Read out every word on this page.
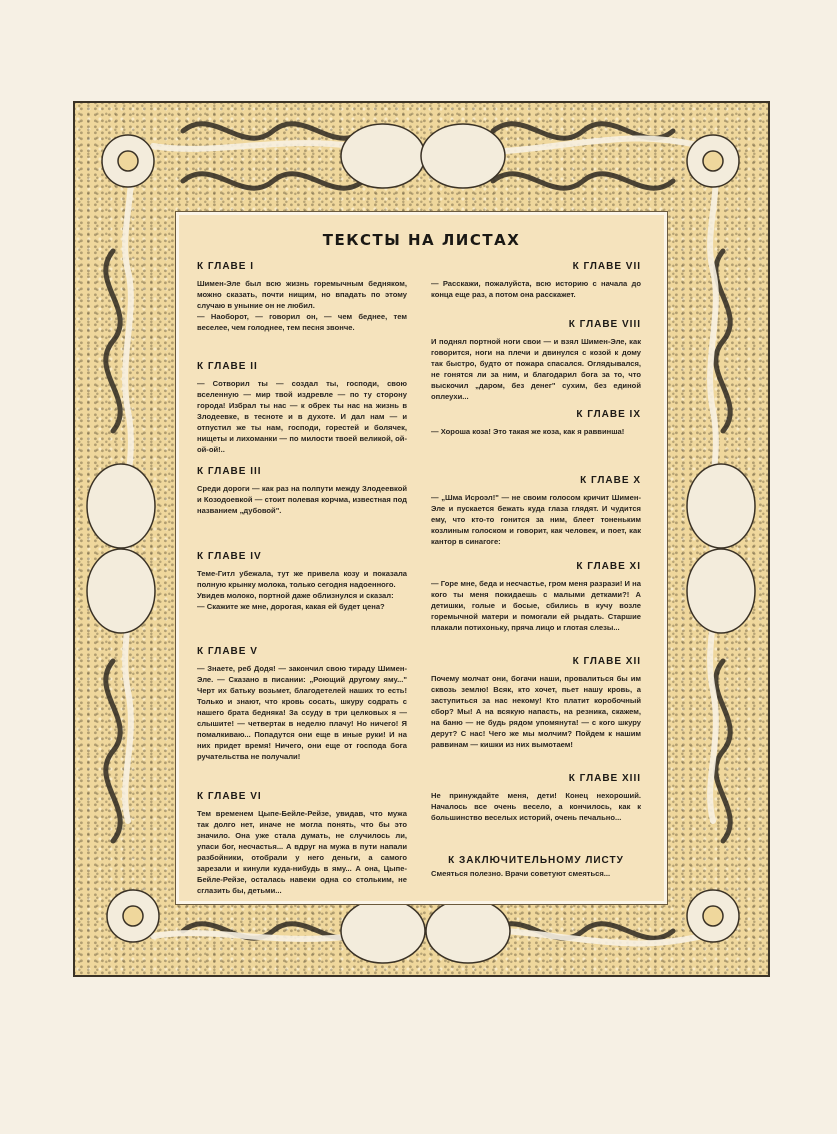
ТЕКСТЫ НА ЛИСТАХ
К ГЛАВЕ I
Шимен-Эле был всю жизнь горемычным бедняком, можно сказать, почти нищим, но впадать по этому случаю в уныние он не любил.
— Наоборот, — говорил он, — чем беднее, тем веселее, чем голоднее, тем песня звонче.
К ГЛАВЕ II
— Сотворил ты — создал ты, господи, свою вселенную — мир твой издревле — по ту сторону города! Избрал ты нас — к обрек ты нас на жизнь в Злодеевке, в тесноте и в духоте. И дал нам — и отпустил же ты нам, господи, горестей и болячек, нищеты и лихоманки — по милости твоей великой, ой-ой-ой!..
К ГЛАВЕ III
Среди дороги — как раз на полпути между Злодеевкой и Козодоевкой — стоит полевая корчма, известная под названием „дубовой".
К ГЛАВЕ IV
Теме-Гитл убежала, тут же привела козу и показала полную крынку молока, только сегодня надоенного.
Увидев молоко, портной даже облизнулся и сказал:
— Скажите же мне, дорогая, какая ей будет цена?
К ГЛАВЕ V
— Знаете, реб Додя! — закончил свою тираду Шимен-Эле. — Сказано в писании: „Роющий другому яму..." Черт их батьку возьмет, благодетелей наших то есть! Только и знают, что кровь сосать, шкуру содрать с нашего брата бедняка! За ссуду в три целковых я — слышите! — четвертак в неделю плачу! Но ничего! Я помалкиваю... Попадутся они еще в иные руки! И на них придет время! Ничего, они еще от господа бога ручательства не получали!
К ГЛАВЕ VI
Тем временем Цыпе-Бейле-Рейзе, увидав, что мужа так долго нет, иначе не могла понять, что бы это значило. Она уже стала думать, не случилось ли, упаси бог, несчастья... А вдруг на мужа в пути напали разбойники, отобрали у него деньги, а самого зарезали и кинули куда-нибудь в яму... А она, Цыпе-Бейле-Рейзе, осталась навеки одна со стольким, не сглазить бы, детьми...
К ГЛАВЕ VII
— Расскажи, пожалуйста, всю историю с начала до конца еще раз, а потом она расскажет.
К ГЛАВЕ VIII
И поднял портной ноги свои — и взял Шимен-Эле, как говорится, ноги на плечи и двинулся с козой к дому так быстро, будто от пожара спасался. Оглядывался, не гонятся ли за ним, и благодарил бога за то, что выскочил „даром, без денег" сухим, без единой оплеухи...
К ГЛАВЕ IX
— Хороша коза! Это такая же коза, как я раввинша!
К ГЛАВЕ X
— „Шма Исроэл!" — не своим голосом кричит Шимен-Эле и пускается бежать куда глаза глядят. И чудится ему, что кто-то гонится за ним, блеет тоненьким козлиным голоском и говорит, как человек, и поет, как кантор в синагоге:
К ГЛАВЕ XI
— Горе мне, беда и несчастье, гром меня разрази! И на кого ты меня покидаешь с малыми детками?! А детишки, голые и босые, сбились в кучу возле горемычной матери и помогали ей рыдать. Старшие плакали потихоньку, пряча лицо и глотая слезы...
К ГЛАВЕ XII
Почему молчат они, богачи наши, провалиться бы им сквозь землю! Всяк, кто хочет, пьет нашу кровь, а заступиться за нас некому! Кто платит коробочный сбор? Мы! А на всякую напасть, на резника, скажем, на баню — не будь рядом упомянута! — с кого шкуру дерут? С нас! Чего же мы молчим? Пойдем к нашим раввинам — кишки из них вымотаем!
К ГЛАВЕ XIII
Не принуждайте меня, дети! Конец нехороший. Началось все очень весело, а кончилось, как к большинство веселых историй, очень печально...
К ЗАКЛЮЧИТЕЛЬНОМУ ЛИСТУ
Смеяться полезно. Врачи советуют смеяться...
